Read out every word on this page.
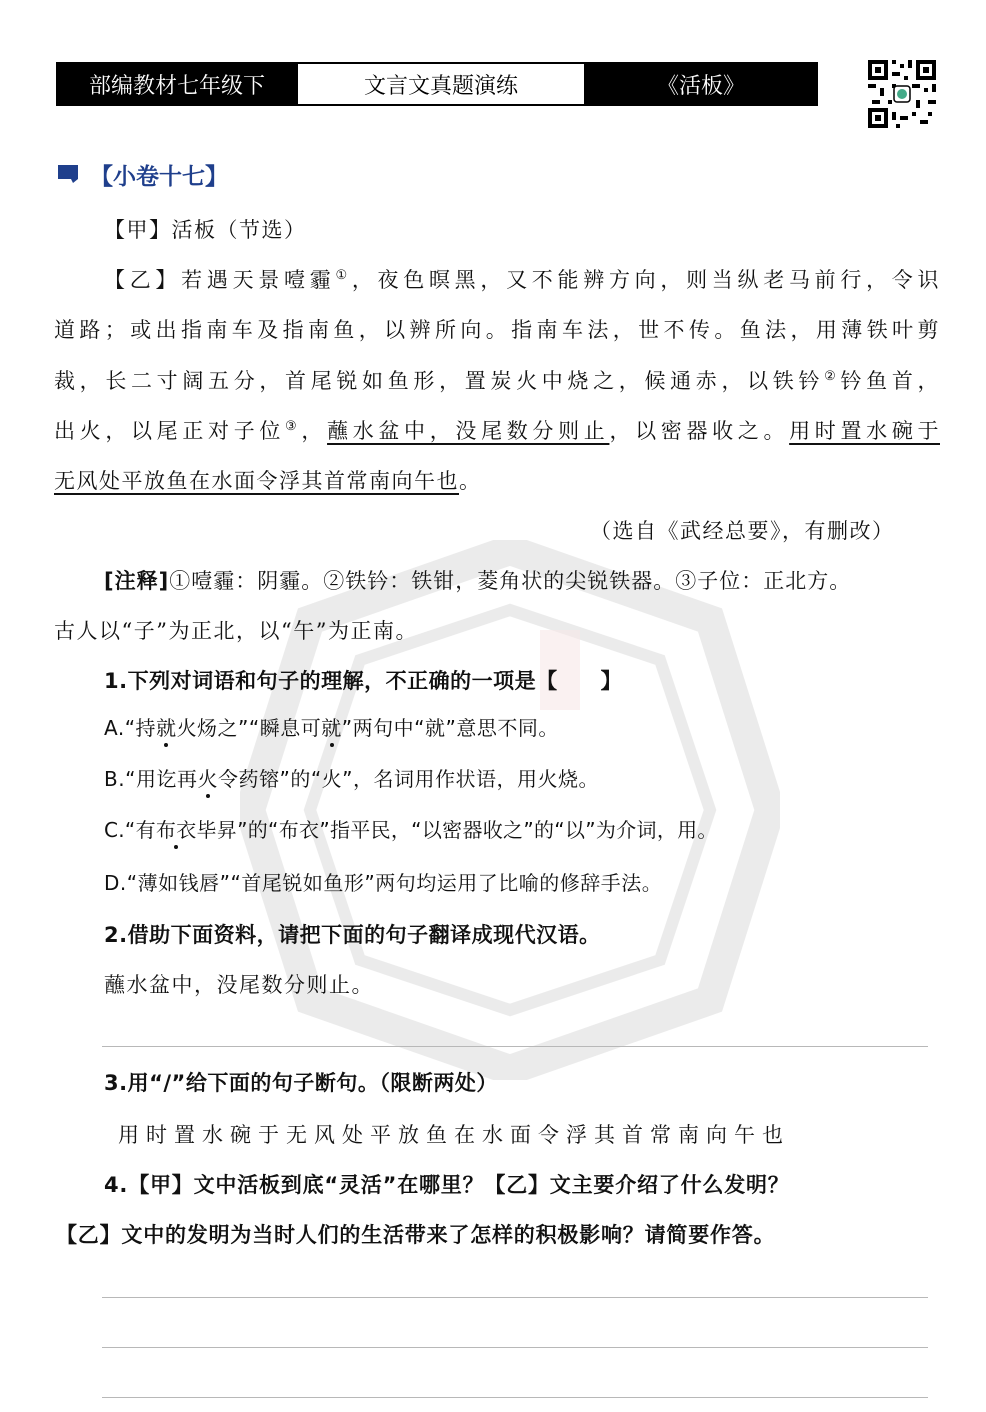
部编教材七年级下	文言文真题演练	《活板》
【小卷十七】
【甲】活板（节选）
【乙】若遇天景噎霾①，夜色暝黑，又不能辨方向，则当纵老马前行，令识
道路；或出指南车及指南鱼，以辨所向。指南车法，世不传。鱼法，用薄铁叶剪
裁，长二寸阔五分，首尾锐如鱼形，置炭火中烧之，候通赤，以铁钤②钤鱼首，
出火，以尾正对子位③，蘸水盆中，没尾数分则止，以密器收之。用时置水碗于
无风处平放鱼在水面令浮其首常南向午也。
（选自《武经总要》，有删改）
[注释]①噎霾：阴霾。②铁钤：铁钳，菱角状的尖锐铁器。③子位：正北方。
古人以“子”为正北，以“午”为正南。
1.下列对词语和句子的理解，不正确的一项是【　　】
A.“持就火炀之”“瞬息可就”两句中“就”意思不同。
B.“用讫再火令药镕”的“火”，名词用作状语，用火烧。
C.“有布衣毕昇”的“布衣”指平民，“以密器收之”的“以”为介词，用。
D.“薄如钱唇”“首尾锐如鱼形”两句均运用了比喻的修辞手法。
2.借助下面资料，请把下面的句子翻译成现代汉语。
蘸水盆中，没尾数分则止。
3.用“/”给下面的句子断句。（限断两处）
用时置水碗于无风处平放鱼在水面令浮其首常南向午也
4.【甲】文中活板到底“灵活”在哪里？【乙】文主要介绍了什么发明？
【乙】文中的发明为当时人们的生活带来了怎样的积极影响？请简要作答。
